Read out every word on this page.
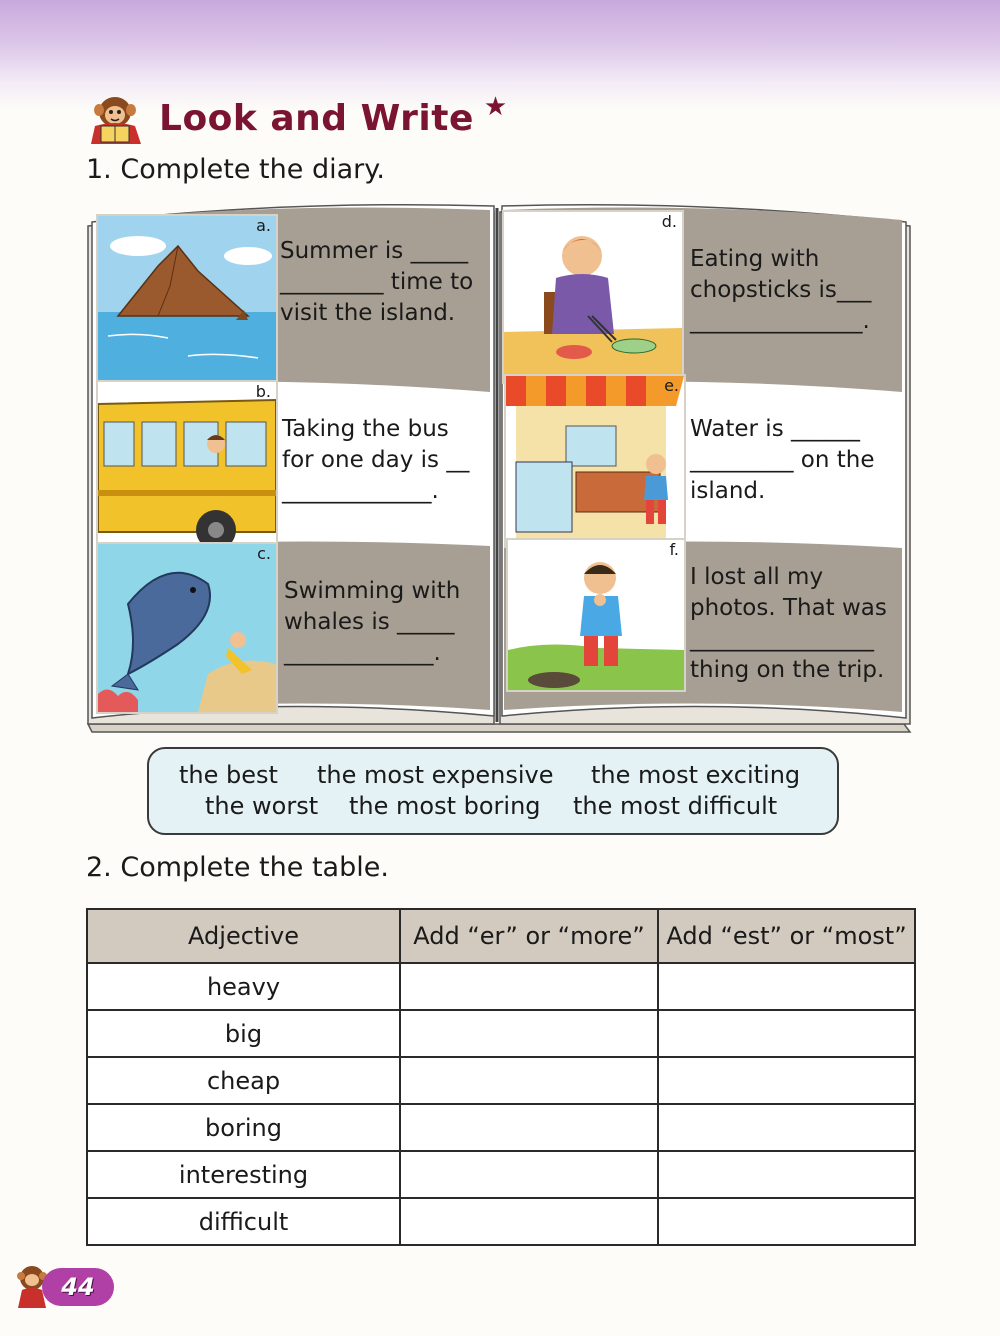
Look and Write ★
1. Complete the diary.
a.
Summer is _____
_________ time to
visit the island.
b.
Taking the bus
for one day is __
_____________.
c.
Swimming with
whales is _____
_____________.
d.
Eating with
chopsticks is___
_______________.
e.
Water is ______
_________ on the
island.
f.
I lost all my
photos. That was
________________
thing on the trip.
the best the most expensive the most exciting
the worst the most boring the most difficult
2. Complete the table.
Adjective	Add “er” or “more”	Add “est” or “most”
heavy		
big		
cheap		
boring		
interesting		
difficult		
44
